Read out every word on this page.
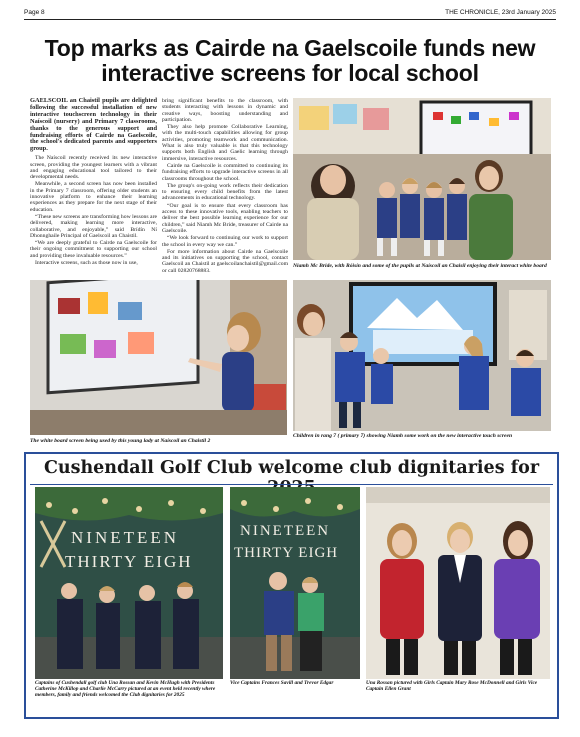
Page 8	THE CHRONICLE, 23rd January 2025
Top marks as Cairde na Gaelscoile funds new interactive screens for local school

GAELSCOIL an Chaistil pupils are delighted following the successful installation of new interactive touchscreen technology in their Naíscoil (nursery) and Primary 7 classrooms, thanks to the generous support and fundraising efforts of Cairde na Gaelscoile, the school's dedicated parents and supporters group.

The Naíscoil recently received its new interactive screen, providing the youngest learners with a vibrant and engaging educational tool tailored to their developmental needs.

Meanwhile, a second screen has now been installed in the Primary 7 classroom, offering older students an innovative platform to enhance their learning experiences as they prepare for the next stage of their education.

“These new screens are transforming how lessons are delivered, making learning more interactive, collaborative, and enjoyable,” said Brídín Ní Dhonnghaile Principal of Gaelscoil an Chaistil.

“We are deeply grateful to Cairde na Gaelscoile for their ongoing commitment to supporting our school and providing these invaluable resources.”

Interactive screens, such as those now in use,

bring significant benefits to the classroom, with students interacting with lessons in dynamic and creative ways, boosting understanding and participation.

They also help promote Collaborative Learning, with the multi-touch capabilities allowing for group activities, promoting teamwork and communication. What is also truly valuable is that this technology supports both English and Gaelic learning through immersive, interactive resources.

Cairde na Gaelscoile is committed to continuing its fundraising efforts to upgrade interactive screens in all classrooms throughout the school.

The group's on-going work reflects their dedication to ensuring every child benefits from the latest advancements in educational technology.

“Our goal is to ensure that every classroom has access to these innovative tools, enabling teachers to deliver the best possible learning experience for our children,” said Niamh Mc Bride, treasurer of Cairde na Gaelscoile.

“We look forward to continuing our work to support the school in every way we can.”

For more information about Cairde na Gaelscoile and its initiatives on supporting the school, contact Gaelscoil an Chaistil at gaelscoilanchaistil@gmail.com or call 02820768883.

Niamh Mc Bride, with Róisín and some of the pupils at Naíscoil an Chaisil enjoying their interact white board
The white board screen being used by this young lady at Naíscoil an Chaistil 2
Children in rang 7 ( primary 7) showing Niamh some work on the new interactive touch screen
Cushendall Golf Club welcome club dignitaries for
NINETEEN
THIRTY EIGH
Captains of Cushendall golf club Una Rossan and Kevin McHugh with Presidents Catherine McKillop and Charlie McCarry pictured at an event held recently where members, family and friends welcomed the Club dignitaries for 2025
NINETEEN
THIRTY EIGH
Vice Captains Frances Savill and Trevor Edgar	Una Rossan pictured with Girls Captain Mary Rose McDonnell and Girls Vice Captain Ellen Grant
